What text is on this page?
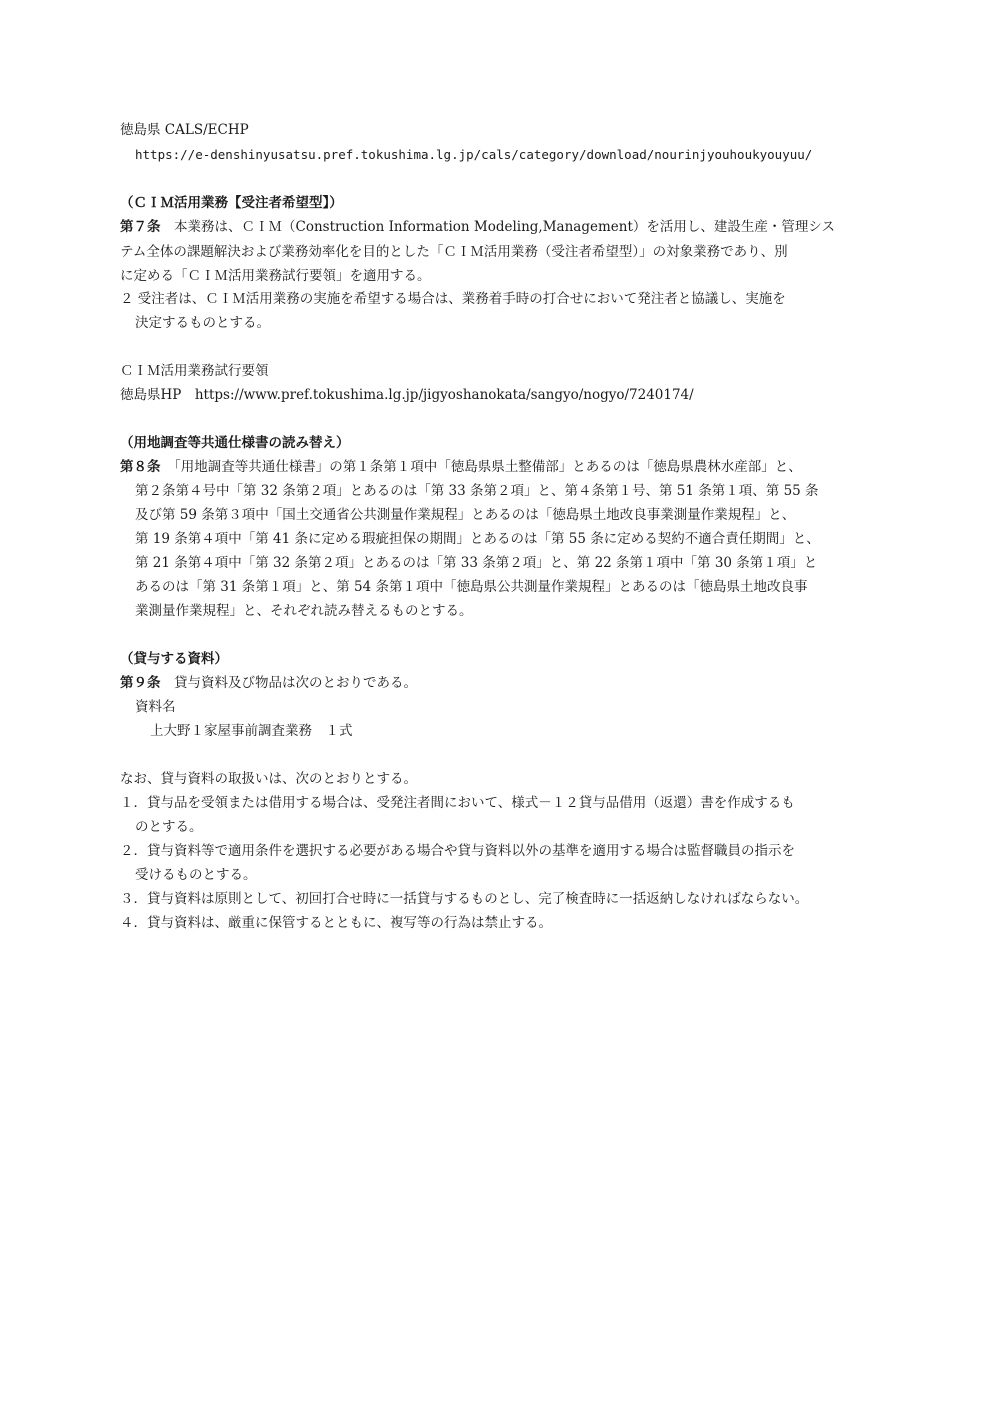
徳島県 CALS/ECHP
https://e-denshinyusatsu.pref.tokushima.lg.jp/cals/category/download/nourinjyouhoukyouyuu/
（ＣＩＭ活用業務【受注者希望型】）
第７条　本業務は、ＣＩＭ（Construction Information Modeling,Management）を活用し、建設生産・管理シス
テム全体の課題解決および業務効率化を目的とした「ＣＩＭ活用業務（受注者希望型）」の対象業務であり、別
に定める「ＣＩＭ活用業務試行要領」を適用する。
２ 受注者は、ＣＩＭ活用業務の実施を希望する場合は、業務着手時の打合せにおいて発注者と協議し、実施を
決定するものとする。
ＣＩＭ活用業務試行要領
徳島県HP　https://www.pref.tokushima.lg.jp/jigyoshanokata/sangyo/nogyo/7240174/
（用地調査等共通仕様書の読み替え）
第８条　「用地調査等共通仕様書」の第１条第１項中「徳島県県土整備部」とあるのは「徳島県農林水産部」と、
第２条第４号中「第 32 条第２項」とあるのは「第 33 条第２項」と、第４条第１号、第 51 条第１項、第 55 条
及び第 59 条第３項中「国土交通省公共測量作業規程」とあるのは「徳島県土地改良事業測量作業規程」と、
第 19 条第４項中「第 41 条に定める瑕疵担保の期間」とあるのは「第 55 条に定める契約不適合責任期間」と、
第 21 条第４項中「第 32 条第２項」とあるのは「第 33 条第２項」と、第 22 条第１項中「第 30 条第１項」と
あるのは「第 31 条第１項」と、第 54 条第１項中「徳島県公共測量作業規程」とあるのは「徳島県土地改良事
業測量作業規程」と、それぞれ読み替えるものとする。
（貸与する資料）
第９条　貸与資料及び物品は次のとおりである。
資料名
上大野１家屋事前調査業務　１式
なお、貸与資料の取扱いは、次のとおりとする。
１．貸与品を受領または借用する場合は、受発注者間において、様式－１２貸与品借用（返還）書を作成するも
のとする。
２．貸与資料等で適用条件を選択する必要がある場合や貸与資料以外の基準を適用する場合は監督職員の指示を
受けるものとする。
３．貸与資料は原則として、初回打合せ時に一括貸与するものとし、完了検査時に一括返納しなければならない。
４．貸与資料は、厳重に保管するとともに、複写等の行為は禁止する。
